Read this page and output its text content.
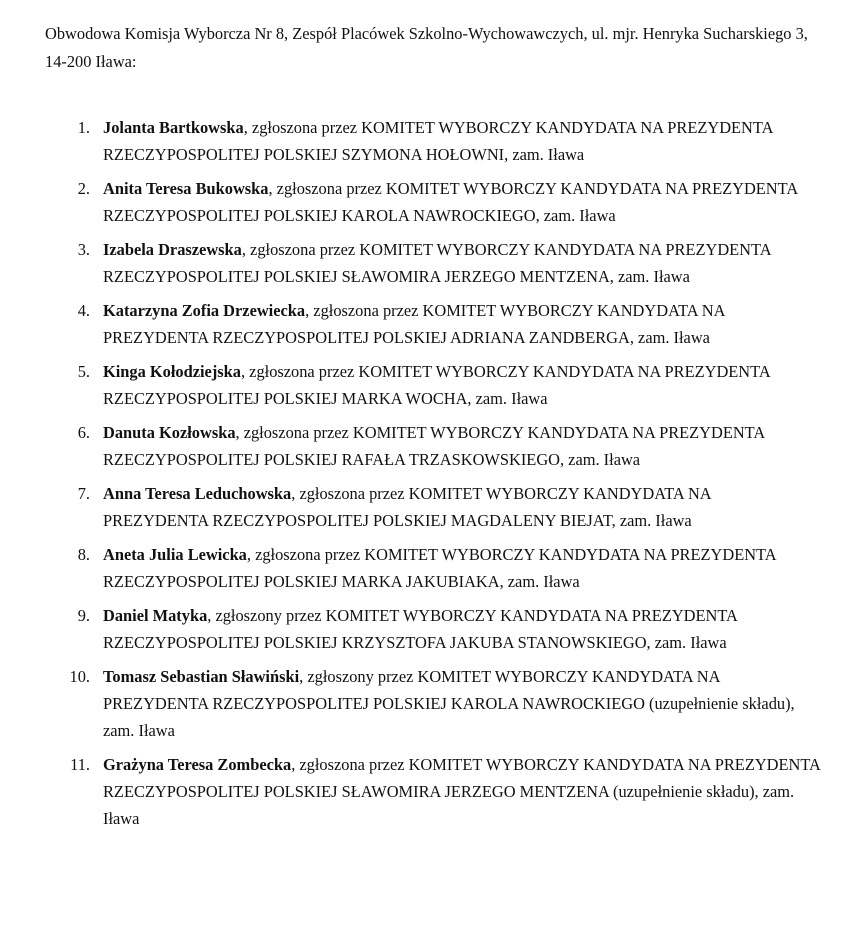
Obwodowa Komisja Wyborcza Nr 8, Zespół Placówek Szkolno-Wychowawczych, ul. mjr. Henryka Sucharskiego 3, 14-200 Iława:

1. Jolanta Bartkowska, zgłoszona przez KOMITET WYBORCZY KANDYDATA NA PREZYDENTA RZECZYPOSPOLITEJ POLSKIEJ SZYMONA HOŁOWNI, zam. Iława
2. Anita Teresa Bukowska, zgłoszona przez KOMITET WYBORCZY KANDYDATA NA PREZYDENTA RZECZYPOSPOLITEJ POLSKIEJ KAROLA NAWROCKIEGO, zam. Iława
3. Izabela Draszewska, zgłoszona przez KOMITET WYBORCZY KANDYDATA NA PREZYDENTA RZECZYPOSPOLITEJ POLSKIEJ SŁAWOMIRA JERZEGO MENTZENA, zam. Iława
4. Katarzyna Zofia Drzewiecka, zgłoszona przez KOMITET WYBORCZY KANDYDATA NA PREZYDENTA RZECZYPOSPOLITEJ POLSKIEJ ADRIANA ZANDBERGA, zam. Iława
5. Kinga Kołodziejska, zgłoszona przez KOMITET WYBORCZY KANDYDATA NA PREZYDENTA RZECZYPOSPOLITEJ POLSKIEJ MARKA WOCHA, zam. Iława
6. Danuta Kozłowska, zgłoszona przez KOMITET WYBORCZY KANDYDATA NA PREZYDENTA RZECZYPOSPOLITEJ POLSKIEJ RAFAŁA TRZASKOWSKIEGO, zam. Iława
7. Anna Teresa Leduchowska, zgłoszona przez KOMITET WYBORCZY KANDYDATA NA PREZYDENTA RZECZYPOSPOLITEJ POLSKIEJ MAGDALENY BIEJAT, zam. Iława
8. Aneta Julia Lewicka, zgłoszona przez KOMITET WYBORCZY KANDYDATA NA PREZYDENTA RZECZYPOSPOLITEJ POLSKIEJ MARKA JAKUBIAKA, zam. Iława
9. Daniel Matyka, zgłoszony przez KOMITET WYBORCZY KANDYDATA NA PREZYDENTA RZECZYPOSPOLITEJ POLSKIEJ KRZYSZTOFA JAKUBA STANOWSKIEGO, zam. Iława
10. Tomasz Sebastian Sławiński, zgłoszony przez KOMITET WYBORCZY KANDYDATA NA PREZYDENTA RZECZYPOSPOLITEJ POLSKIEJ KAROLA NAWROCKIEGO (uzupełnienie składu), zam. Iława
11. Grażyna Teresa Zombecka, zgłoszona przez KOMITET WYBORCZY KANDYDATA NA PREZYDENTA RZECZYPOSPOLITEJ POLSKIEJ SŁAWOMIRA JERZEGO MENTZENA (uzupełnienie składu), zam. Iława
